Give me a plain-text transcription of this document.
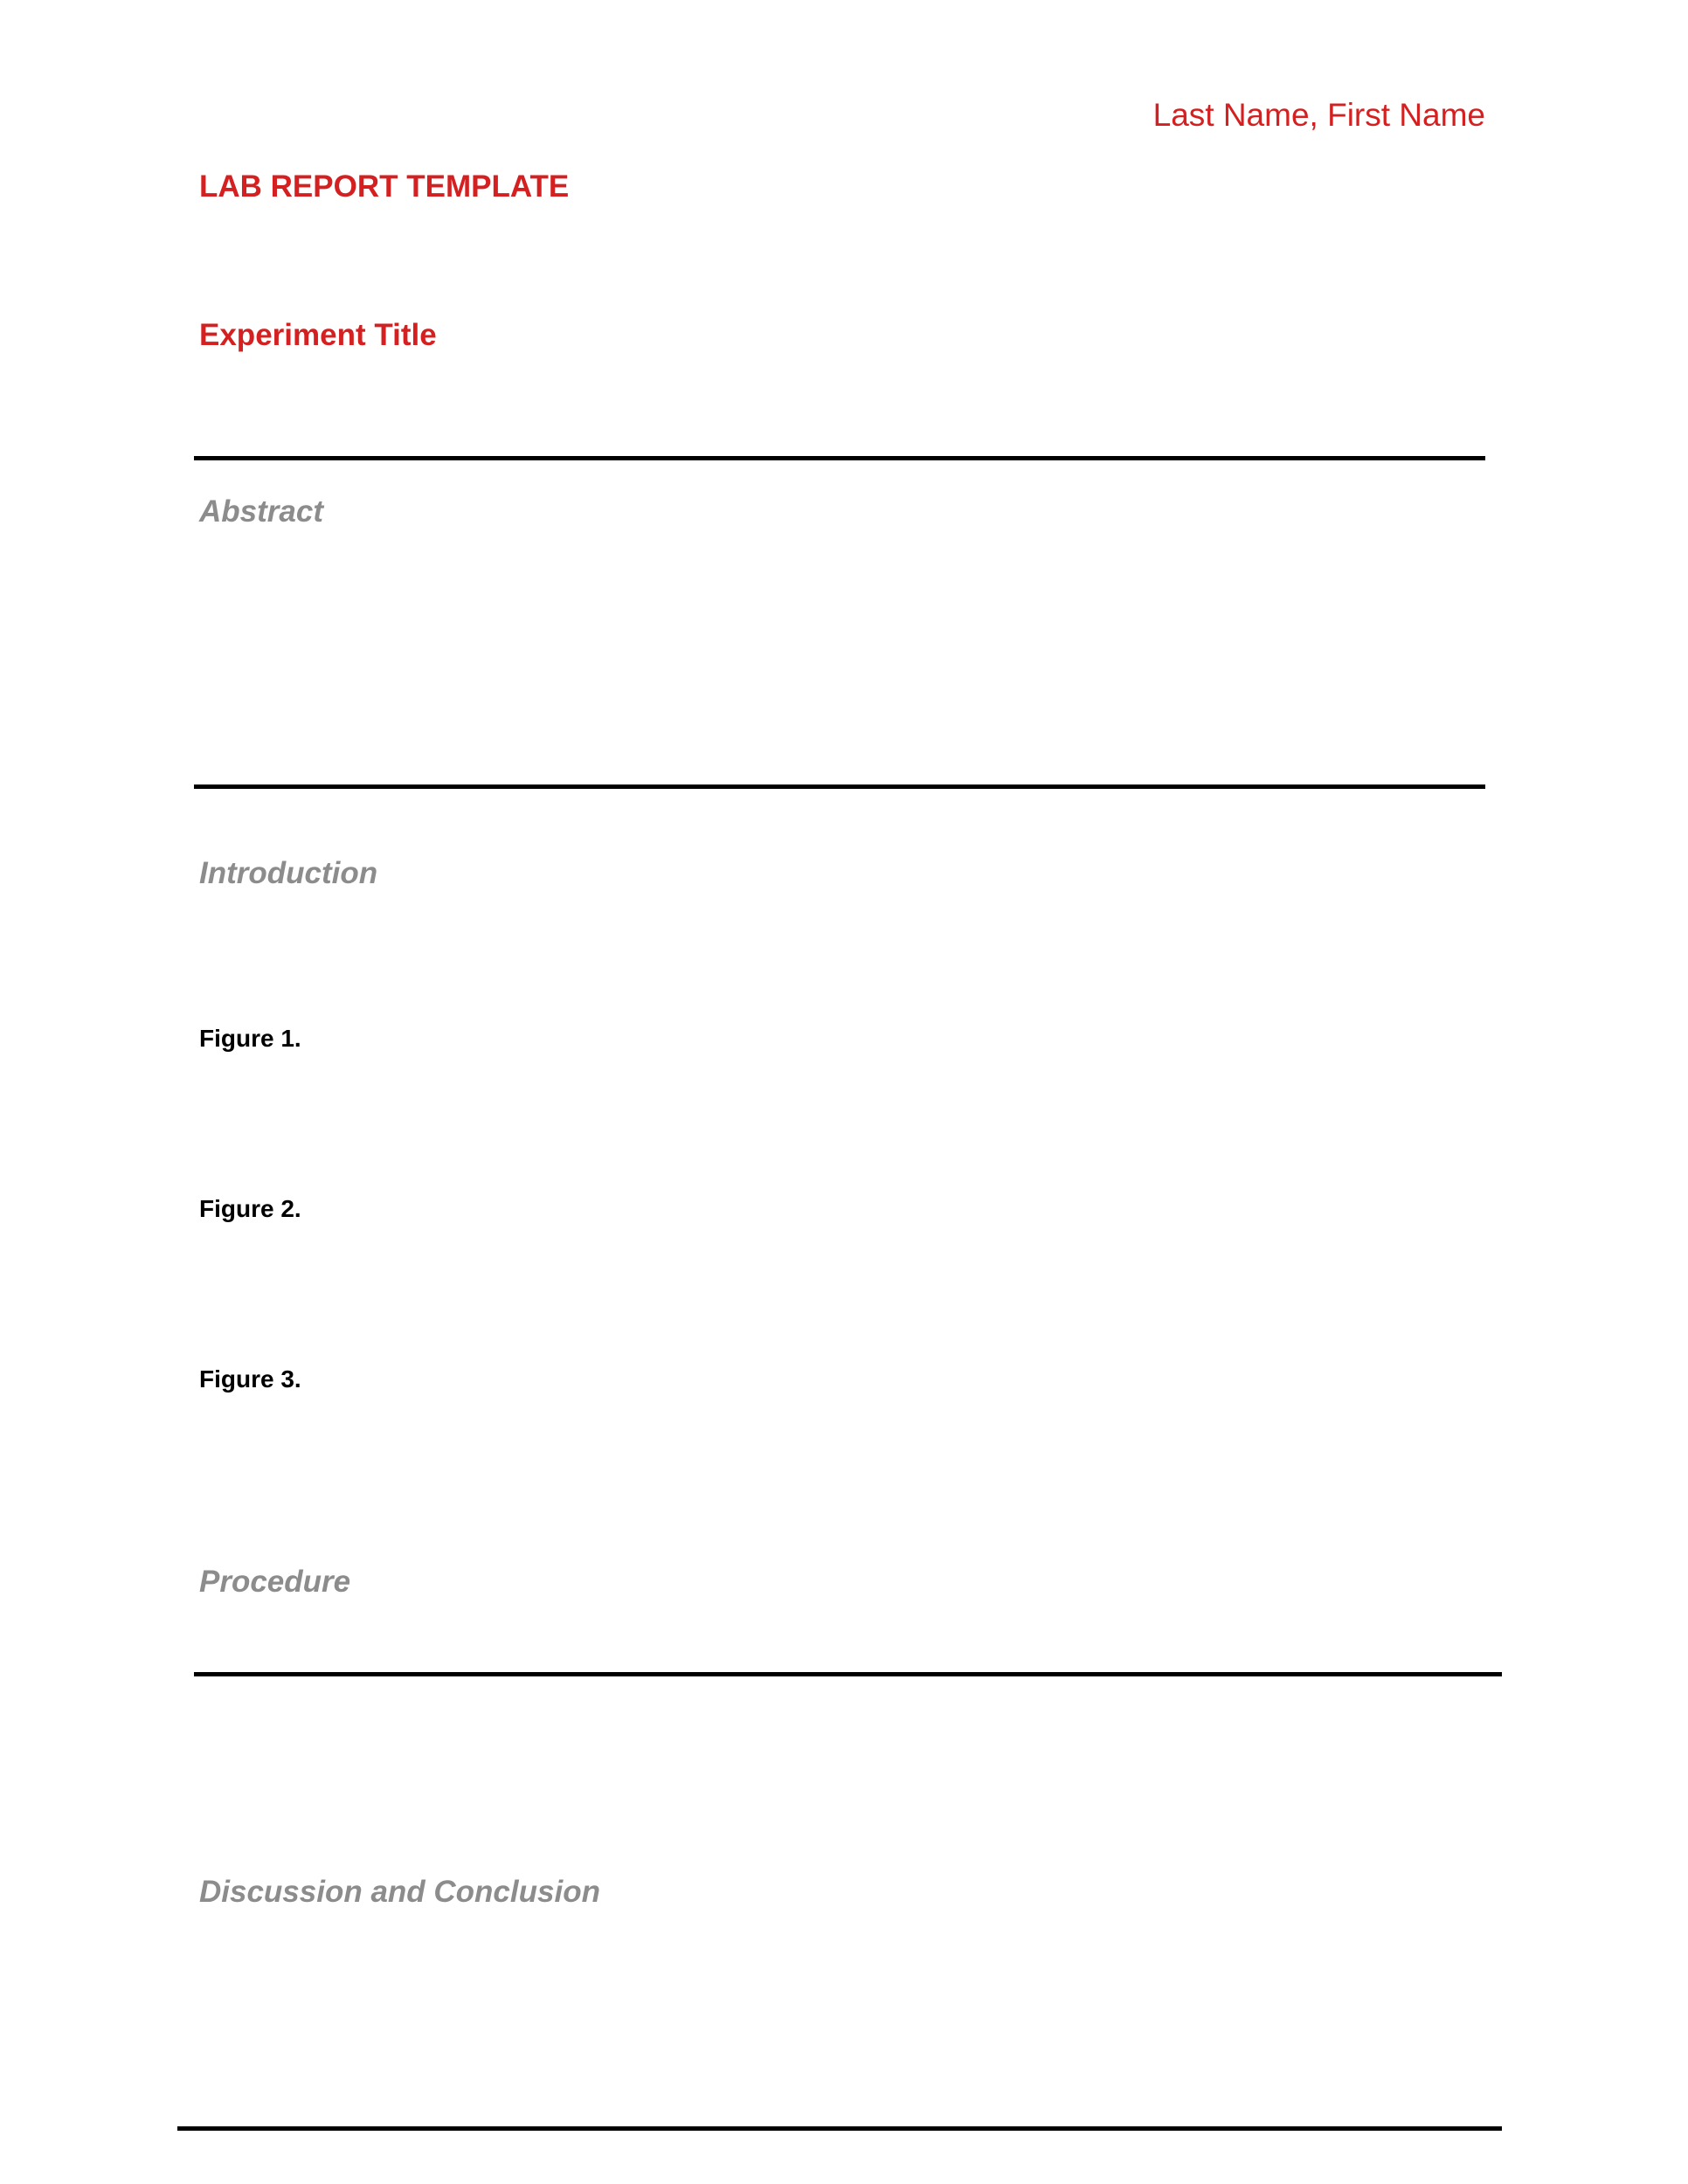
Last Name, First Name
LAB REPORT TEMPLATE
Experiment Title
Abstract
Introduction
Figure 1.
Figure 2.
Figure 3.
Procedure
Discussion and Conclusion
